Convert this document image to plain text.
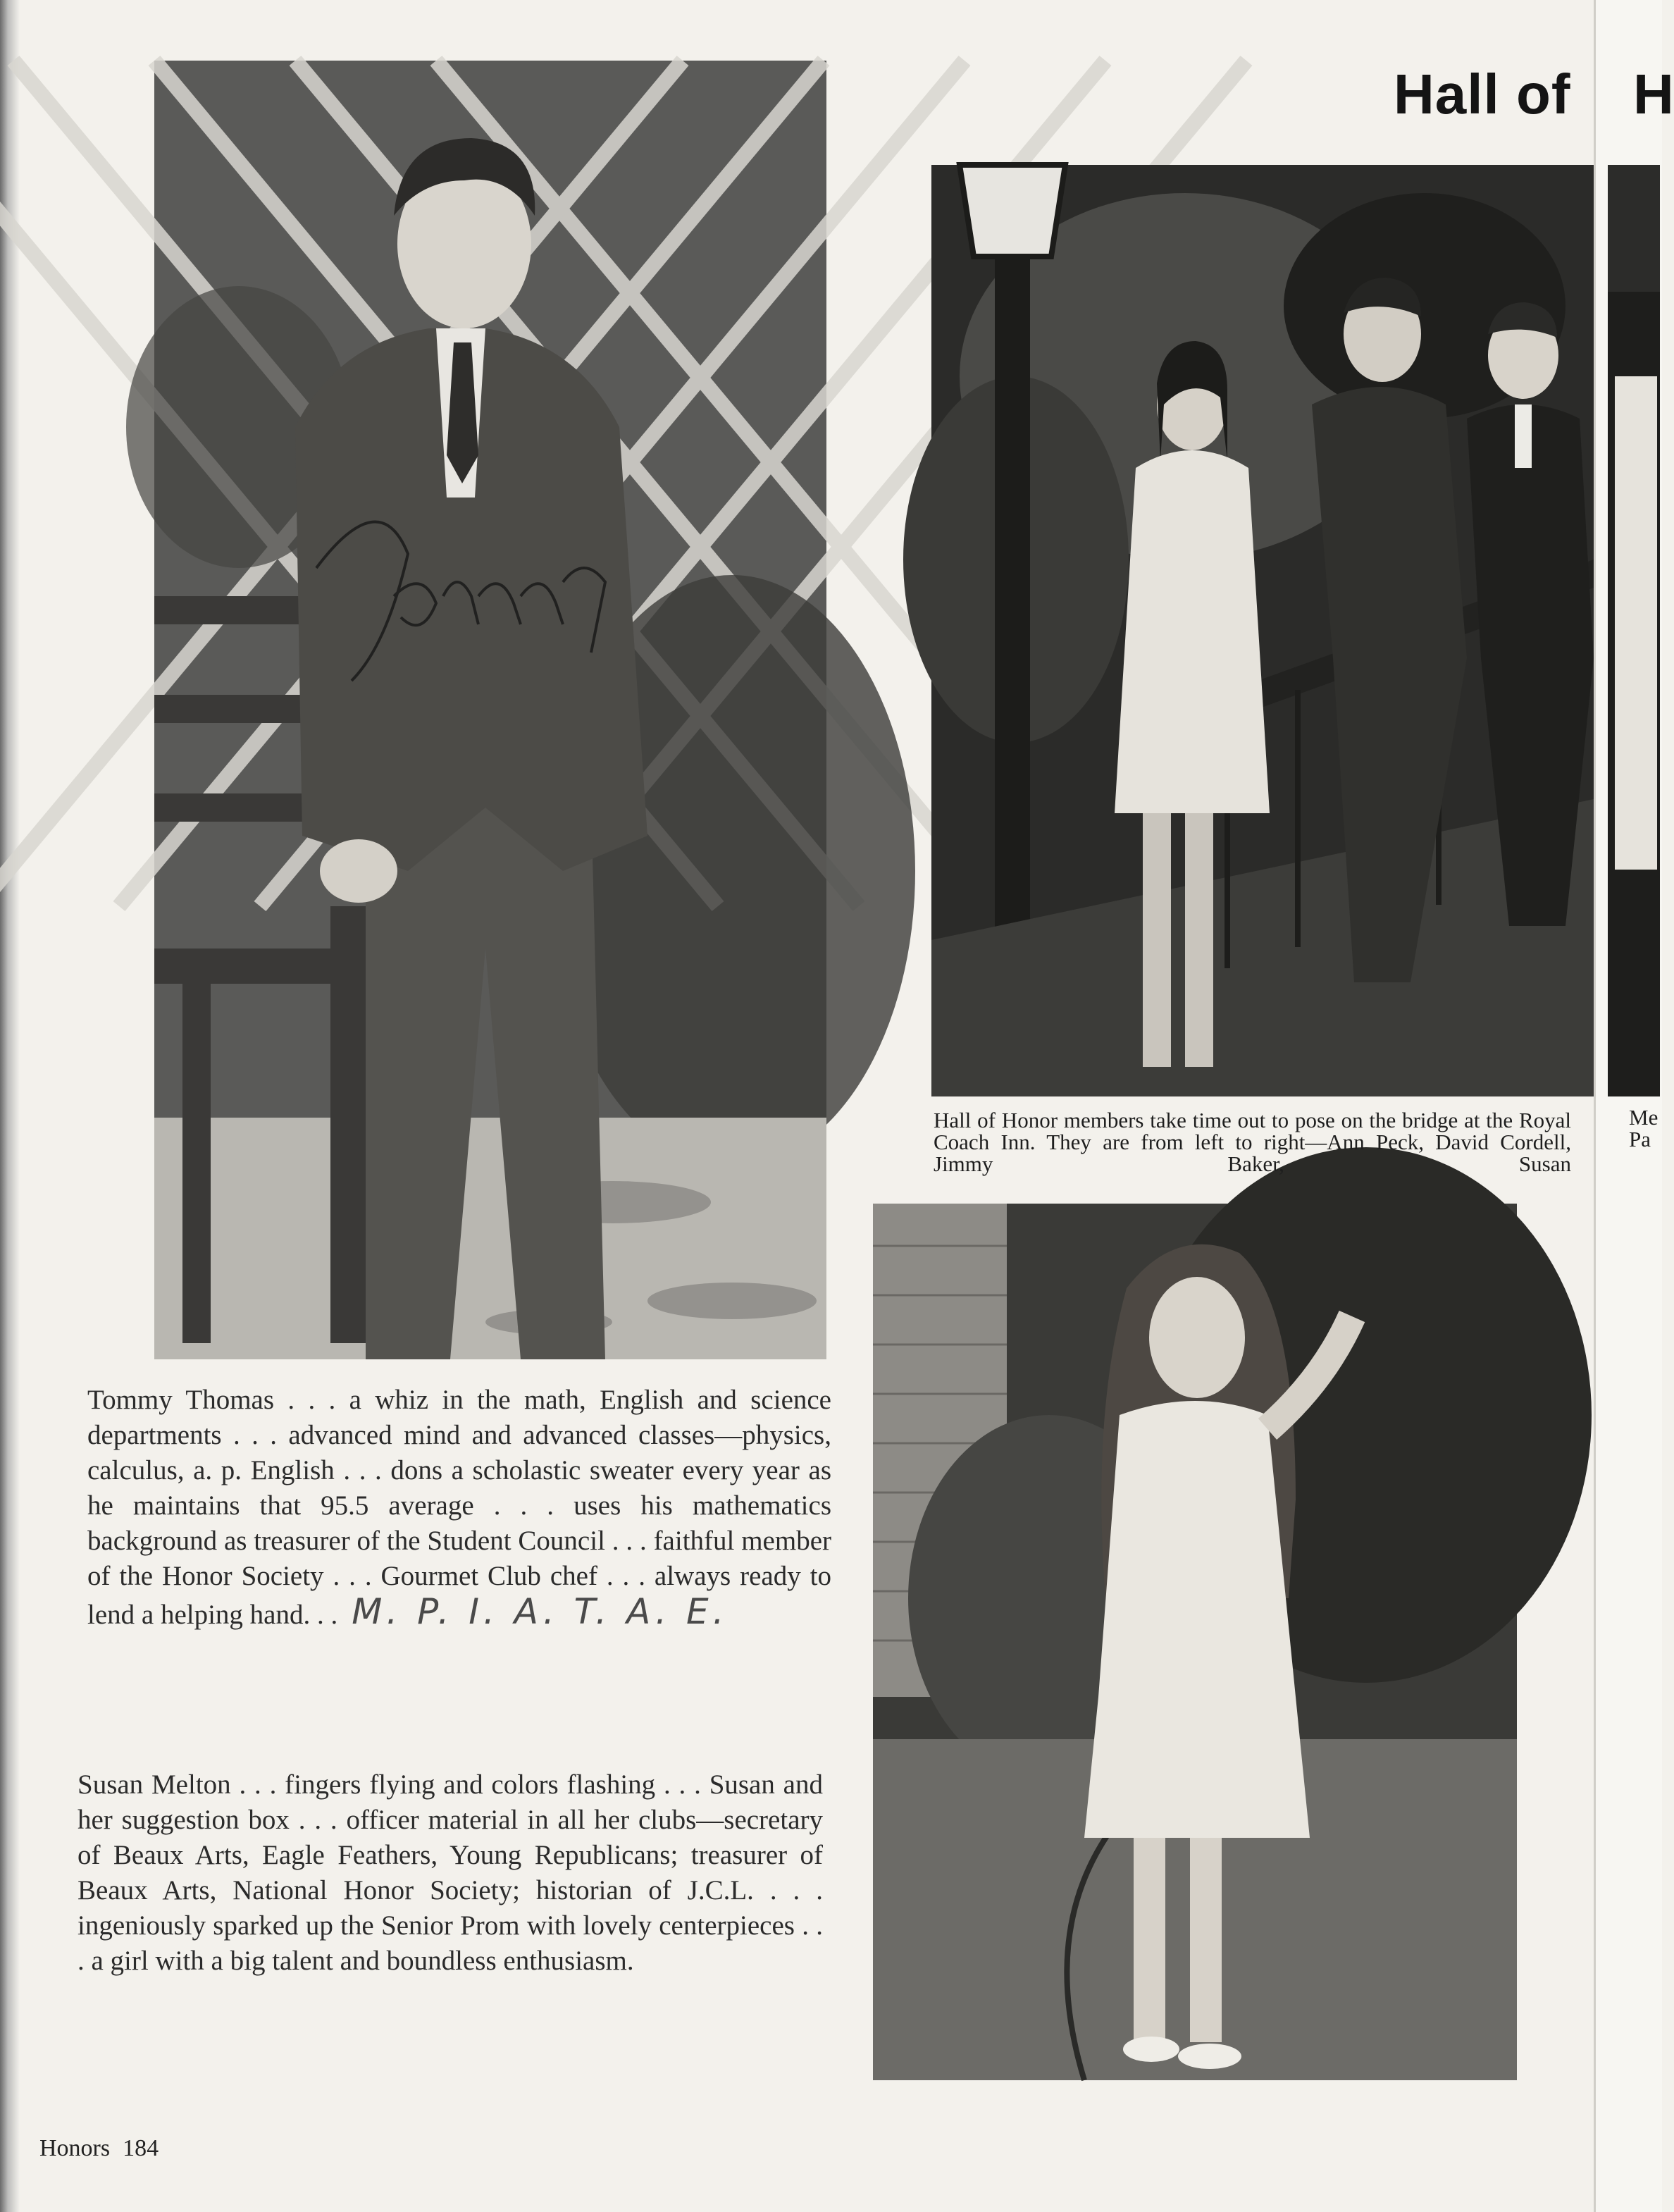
Hall of H
Hall of Honor members take time out to pose on the bridge at the Royal Coach Inn. They are from left to right—Ann Peck, David Cordell, Jimmy Baker, Susan
Me Pa
Tommy Thomas . . . a whiz in the math, English and science departments . . . advanced mind and advanced classes—physics, calculus, a. p. English . . . dons a scholastic sweater every year as he maintains that 95.5 average . . . uses his mathematics background as treasurer of the Student Council . . . faithful member of the Honor Society . . . Gourmet Club chef . . . always ready to lend a helping hand. . . M. P. I. A. T. A. E.
Susan Melton . . . fingers flying and colors flashing . . . Susan and her suggestion box . . . officer material in all her clubs—secretary of Beaux Arts, Eagle Feathers, Young Republicans; treasurer of Beaux Arts, National Honor Society; historian of J.C.L. . . . ingeniously sparked up the Senior Prom with lovely centerpieces . . . a girl with a big talent and boundless enthusiasm.
Honors 184
